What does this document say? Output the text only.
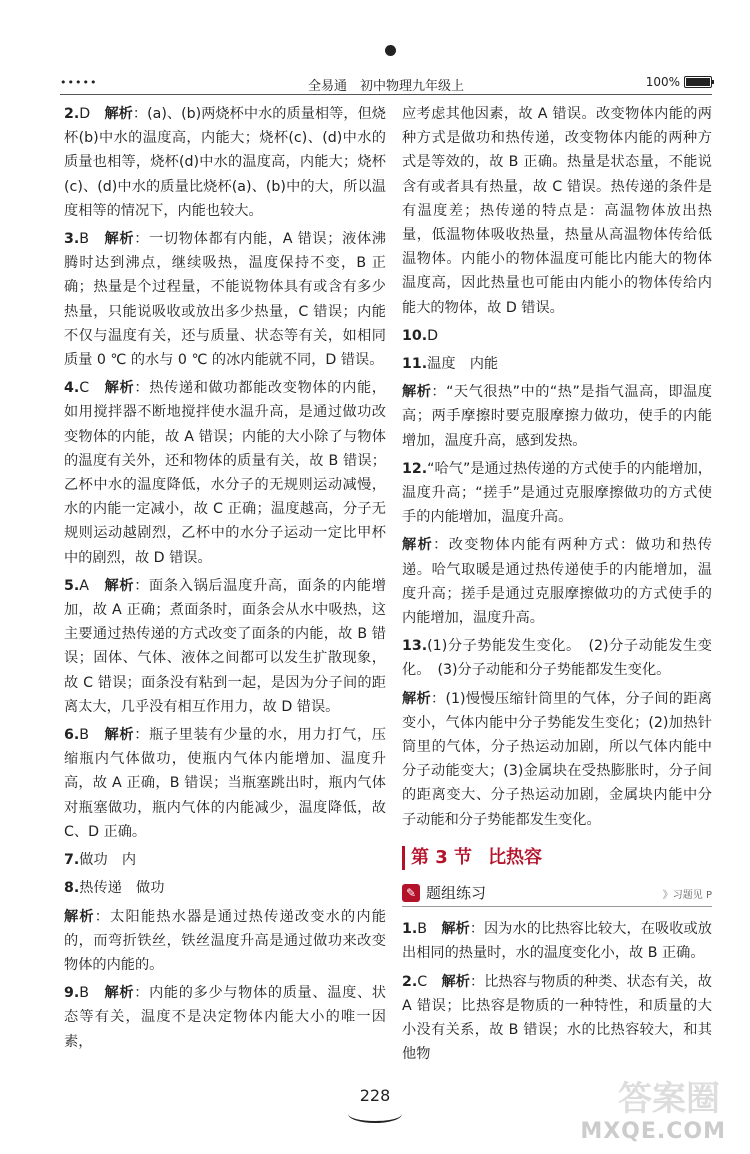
•••••	全易通　初中物理九年级上	100%
2.D　解析：(a)、(b)两烧杯中水的质量相等，但烧杯(b)中水的温度高，内能大；烧杯(c)、(d)中水的质量也相等，烧杯(d)中水的温度高，内能大；烧杯(c)、(d)中水的质量比烧杯(a)、(b)中的大，所以温度相等的情况下，内能也较大。
3.B　解析：一切物体都有内能，A 错误；液体沸腾时达到沸点，继续吸热，温度保持不变，B 正确；热量是个过程量，不能说物体具有或含有多少热量，只能说吸收或放出多少热量，C 错误；内能不仅与温度有关，还与质量、状态等有关，如相同质量 0 ℃ 的水与 0 ℃ 的冰内能就不同，D 错误。
4.C　解析：热传递和做功都能改变物体的内能，如用搅拌器不断地搅拌使水温升高，是通过做功改变物体的内能，故 A 错误；内能的大小除了与物体的温度有关外，还和物体的质量有关，故 B 错误；乙杯中水的温度降低，水分子的无规则运动减慢，水的内能一定减小，故 C 正确；温度越高，分子无规则运动越剧烈，乙杯中的水分子运动一定比甲杯中的剧烈，故 D 错误。
5.A　解析：面条入锅后温度升高，面条的内能增加，故 A 正确；煮面条时，面条会从水中吸热，这主要通过热传递的方式改变了面条的内能，故 B 错误；固体、气体、液体之间都可以发生扩散现象，故 C 错误；面条没有粘到一起，是因为分子间的距离太大，几乎没有相互作用力，故 D 错误。
6.B　解析：瓶子里装有少量的水，用力打气，压缩瓶内气体做功，使瓶内气体内能增加、温度升高，故 A 正确，B 错误；当瓶塞跳出时，瓶内气体对瓶塞做功，瓶内气体的内能减少，温度降低，故 C、D 正确。
7.做功　内
8.热传递　做功
解析：太阳能热水器是通过热传递改变水的内能的，而弯折铁丝，铁丝温度升高是通过做功来改变物体的内能的。
9.B　解析：内能的多少与物体的质量、温度、状态等有关，温度不是决定物体内能大小的唯一因素，
应考虑其他因素，故 A 错误。改变物体内能的两种方式是做功和热传递，改变物体内能的两种方式是等效的，故 B 正确。热量是状态量，不能说含有或者具有热量，故 C 错误。热传递的条件是有温度差；热传递的特点是：高温物体放出热量，低温物体吸收热量，热量从高温物体传给低温物体。内能小的物体温度可能比内能大的物体温度高，因此热量也可能由内能小的物体传给内能大的物体，故 D 错误。
10.D
11.温度　内能
解析：“天气很热”中的“热”是指气温高，即温度高；两手摩擦时要克服摩擦力做功，使手的内能增加，温度升高，感到发热。
12.“哈气”是通过热传递的方式使手的内能增加，温度升高；“搓手”是通过克服摩擦做功的方式使手的内能增加，温度升高。
解析：改变物体内能有两种方式：做功和热传递。哈气取暖是通过热传递使手的内能增加，温度升高；搓手是通过克服摩擦做功的方式使手的内能增加，温度升高。
13.(1)分子势能发生变化。　(2)分子动能发生变化。　(3)分子动能和分子势能都发生变化。
解析：(1)慢慢压缩针筒里的气体，分子间的距离变小，气体内能中分子势能发生变化；(2)加热针筒里的气体，分子热运动加剧，所以气体内能中分子动能变大；(3)金属块在受热膨胀时，分子间的距离变大、分子热运动加剧，金属块内能中分子动能和分子势能都发生变化。
第 3 节 比热容
✎ 题组练习	》习题见 P
1.B　解析：因为水的比热容比较大，在吸收或放出相同的热量时，水的温度变化小，故 B 正确。
2.C　解析：比热容与物质的种类、状态有关，故 A 错误；比热容是物质的一种特性，和质量的大小没有关系，故 B 错误；水的比热容较大，和其他物
228	答案圈
MXQE.COM
